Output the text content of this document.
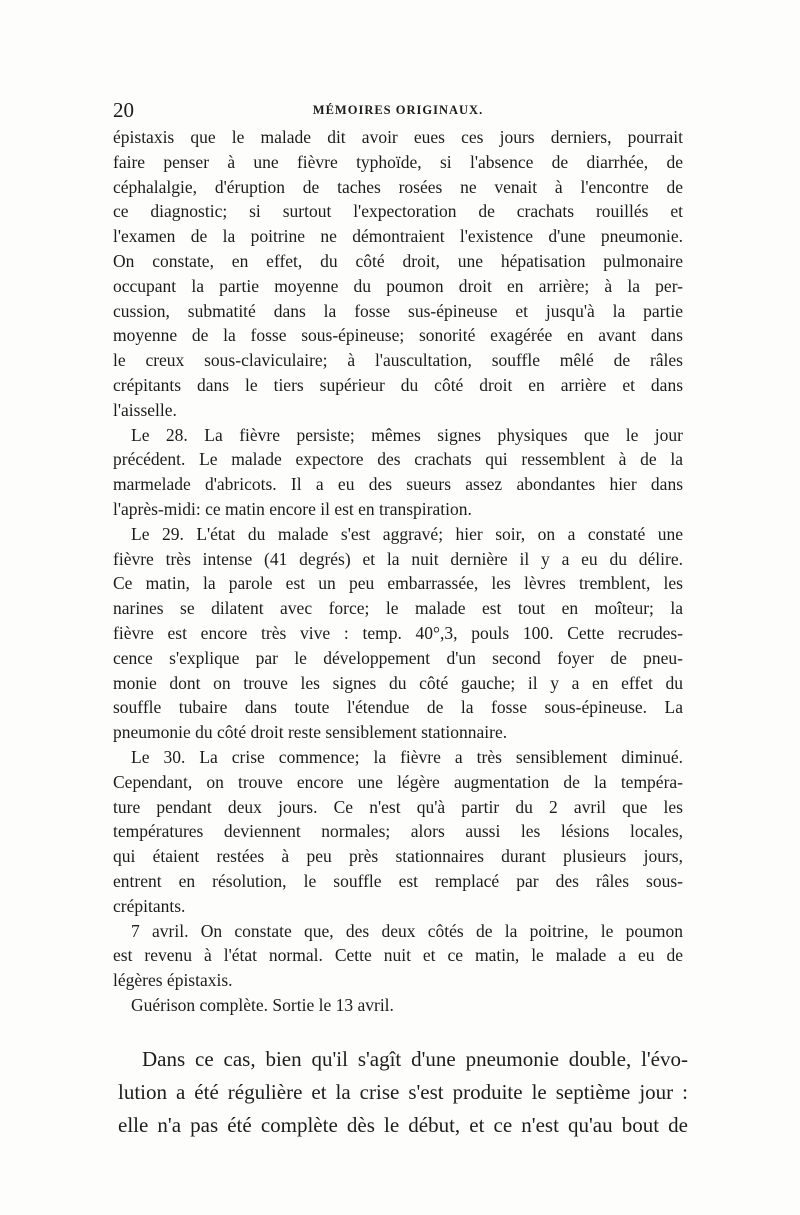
20	MÉMOIRES ORIGINAUX.
épistaxis que le malade dit avoir eues ces jours derniers, pourrait
faire penser à une fièvre typhoïde, si l'absence de diarrhée, de
céphalalgie, d'éruption de taches rosées ne venait à l'encontre de
ce diagnostic; si surtout l'expectoration de crachats rouillés et
l'examen de la poitrine ne démontraient l'existence d'une pneumonie.
On constate, en effet, du côté droit, une hépatisation pulmonaire
occupant la partie moyenne du poumon droit en arrière; à la per-
cussion, submatité dans la fosse sus-épineuse et jusqu'à la partie
moyenne de la fosse sous-épineuse; sonorité exagérée en avant dans
le creux sous-claviculaire; à l'auscultation, souffle mêlé de râles
crépitants dans le tiers supérieur du côté droit en arrière et dans
l'aisselle.
Le 28. La fièvre persiste; mêmes signes physiques que le jour
précédent. Le malade expectore des crachats qui ressemblent à de la
marmelade d'abricots. Il a eu des sueurs assez abondantes hier dans
l'après-midi: ce matin encore il est en transpiration.
Le 29. L'état du malade s'est aggravé; hier soir, on a constaté une
fièvre très intense (41 degrés) et la nuit dernière il y a eu du délire.
Ce matin, la parole est un peu embarrassée, les lèvres tremblent, les
narines se dilatent avec force; le malade est tout en moîteur; la
fièvre est encore très vive : temp. 40°,3, pouls 100. Cette recrudes-
cence s'explique par le développement d'un second foyer de pneu-
monie dont on trouve les signes du côté gauche; il y a en effet du
souffle tubaire dans toute l'étendue de la fosse sous-épineuse. La
pneumonie du côté droit reste sensiblement stationnaire.
Le 30. La crise commence; la fièvre a très sensiblement diminué.
Cependant, on trouve encore une légère augmentation de la tempéra-
ture pendant deux jours. Ce n'est qu'à partir du 2 avril que les
températures deviennent normales; alors aussi les lésions locales,
qui étaient restées à peu près stationnaires durant plusieurs jours,
entrent en résolution, le souffle est remplacé par des râles sous-
crépitants.
7 avril. On constate que, des deux côtés de la poitrine, le poumon
est revenu à l'état normal. Cette nuit et ce matin, le malade a eu de
légères épistaxis.
Guérison complète. Sortie le 13 avril.
Dans ce cas, bien qu'il s'agît d'une pneumonie double, l'évo-
lution a été régulière et la crise s'est produite le septième jour :
elle n'a pas été complète dès le début, et ce n'est qu'au bout de
